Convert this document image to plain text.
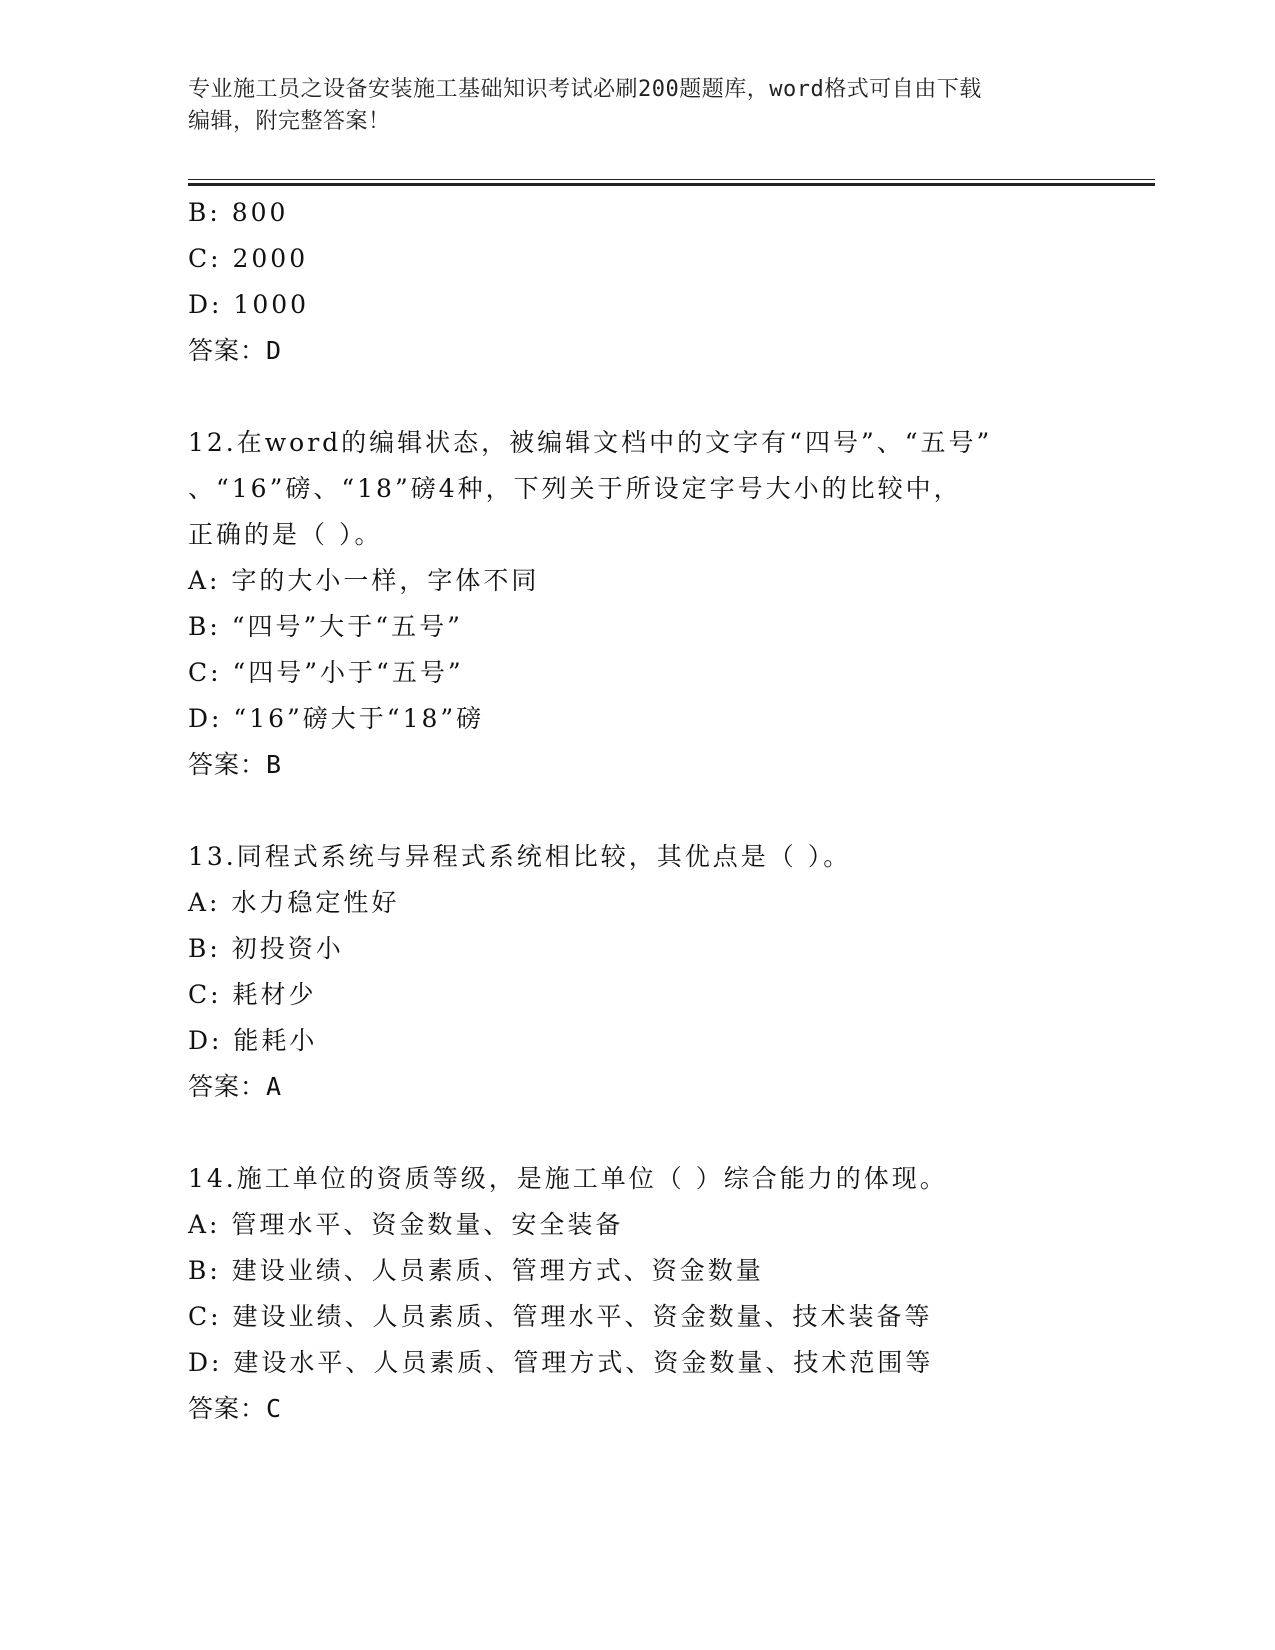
专业施工员之设备安装施工基础知识考试必刷200题题库，word格式可自由下载
编辑，附完整答案！
B: 800
C: 2000
D: 1000
答案：D
12.在word的编辑状态，被编辑文档中的文字有“四号”、“五号”
、“16”磅、“18”磅4种，下列关于所设定字号大小的比较中，
正确的是（ ）。
A: 字的大小一样，字体不同
B: “四号”大于“五号”
C: “四号”小于“五号”
D: “16”磅大于“18”磅
答案：B
13.同程式系统与异程式系统相比较，其优点是（ ）。
A: 水力稳定性好
B: 初投资小
C: 耗材少
D: 能耗小
答案：A
14.施工单位的资质等级，是施工单位（ ）综合能力的体现。
A: 管理水平、资金数量、安全装备
B: 建设业绩、人员素质、管理方式、资金数量
C: 建设业绩、人员素质、管理水平、资金数量、技术装备等
D: 建设水平、人员素质、管理方式、资金数量、技术范围等
答案：C
